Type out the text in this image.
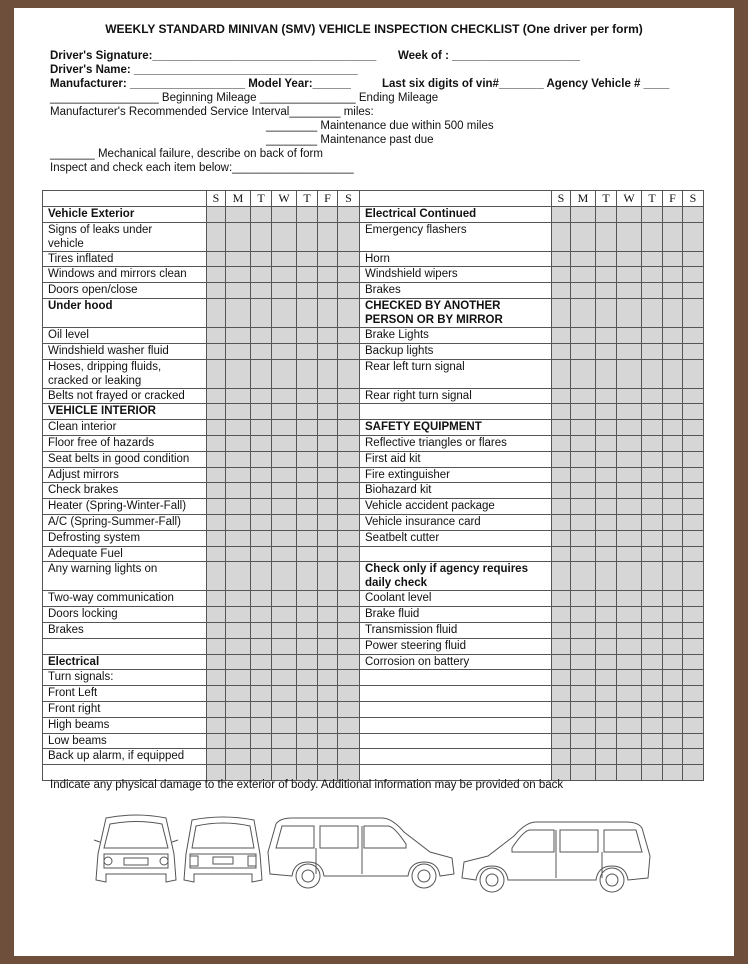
WEEKLY STANDARD MINIVAN (SMV) VEHICLE INSPECTION CHECKLIST (One driver per form)
Driver's Signature:___________________________________ Week of : ____________________
Driver's Name: ___________________________________
Manufacturer: __________________ Model Year:______	Last six digits of vin#_______ Agency Vehicle # ____
_________________ Beginning Mileage _______________ Ending Mileage
Manufacturer's Recommended Service Interval________ miles:
________ Maintenance due within 500 miles
________ Maintenance past due
_______ Mechanical failure, describe on back of form
Inspect and check each item below:___________________
	S	M	T	W	T	F	S		S	M	T	W	T	F	S
Vehicle Exterior								Electrical Continued							
Signs of leaks under
vehicle								Emergency flashers							
Tires inflated								Horn							
Windows and mirrors clean								Windshield wipers							
Doors open/close								Brakes							
Under hood								CHECKED BY ANOTHER
PERSON OR BY MIRROR							
Oil level								Brake Lights							
Windshield washer fluid								Backup lights							
Hoses, dripping fluids,
cracked or leaking								Rear left turn signal							
Belts not frayed or cracked								Rear right turn signal							
VEHICLE INTERIOR															
Clean interior								SAFETY EQUIPMENT							
Floor free of hazards								Reflective triangles or flares							
Seat belts in good condition								First aid kit							
Adjust mirrors								Fire extinguisher							
Check brakes								Biohazard kit							
Heater (Spring-Winter-Fall)								Vehicle accident package							
A/C (Spring-Summer-Fall)								Vehicle insurance card							
Defrosting system								Seatbelt cutter							
Adequate Fuel															
Any warning lights on								Check only if agency requires
daily check							
Two-way communication								Coolant level							
Doors locking								Brake fluid							
Brakes								Transmission fluid							
								Power steering fluid							
Electrical								Corrosion on battery							
Turn signals:															
Front Left															
Front right															
High beams															
Low beams															
Back up alarm, if equipped															

Indicate any physical damage to the exterior of body. Additional information may be provided on back
